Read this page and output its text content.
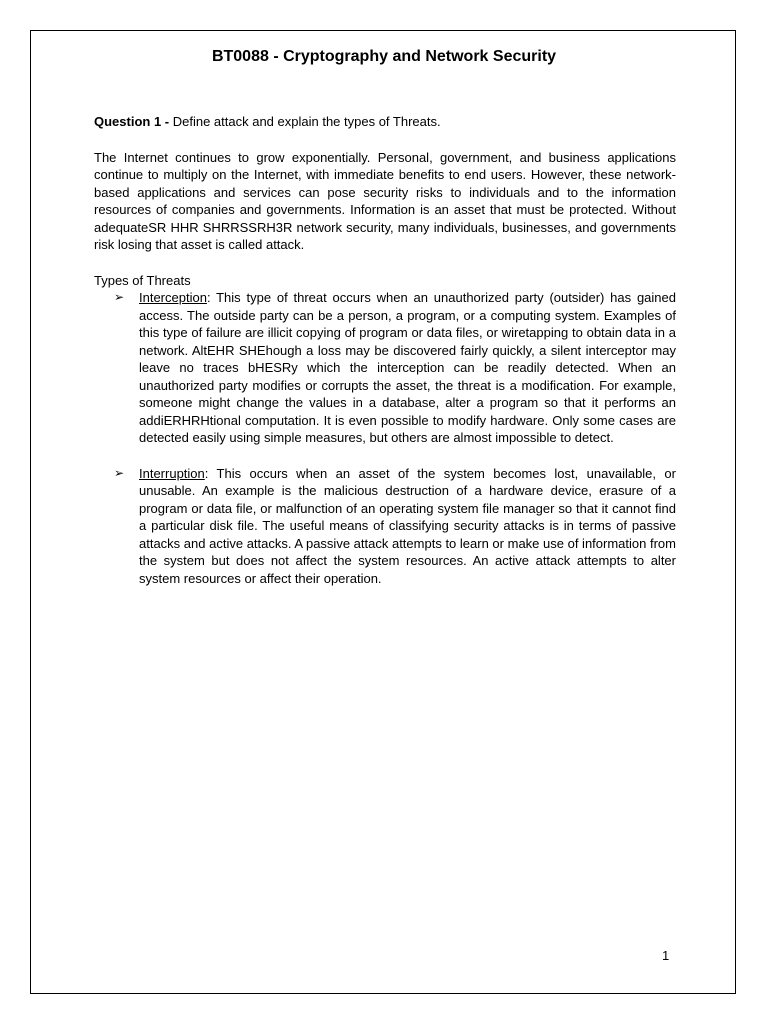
BT0088 - Cryptography and Network Security

Question 1 - Define attack and explain the types of Threats.

The Internet continues to grow exponentially. Personal, government, and business applications continue to multiply on the Internet, with immediate benefits to end users. However, these network-based applications and services can pose security risks to individuals and to the information resources of companies and governments. Information is an asset that must be protected. Without adequateSR HHR SHRRSSRH3R network security, many individuals, businesses, and governments risk losing that asset is called attack.

Types of Threats

➢ Interception: This type of threat occurs when an unauthorized party (outsider) has gained access. The outside party can be a person, a program, or a computing system. Examples of this type of failure are illicit copying of program or data files, or wiretapping to obtain data in a network. AltEHR SHEhough a loss may be discovered fairly quickly, a silent interceptor may leave no traces bHESRy which the interception can be readily detected. When an unauthorized party modifies or corrupts the asset, the threat is a modification. For example, someone might change the values in a database, alter a program so that it performs an addiERHRHtional computation. It is even possible to modify hardware. Only some cases are detected easily using simple measures, but others are almost impossible to detect.
➢ Interruption: This occurs when an asset of the system becomes lost, unavailable, or unusable. An example is the malicious destruction of a hardware device, erasure of a program or data file, or malfunction of an operating system file manager so that it cannot find a particular disk file. The useful means of classifying security attacks is in terms of passive attacks and active attacks. A passive attack attempts to learn or make use of information from the system but does not affect the system resources. An active attack attempts to alter system resources or affect their operation.
1
